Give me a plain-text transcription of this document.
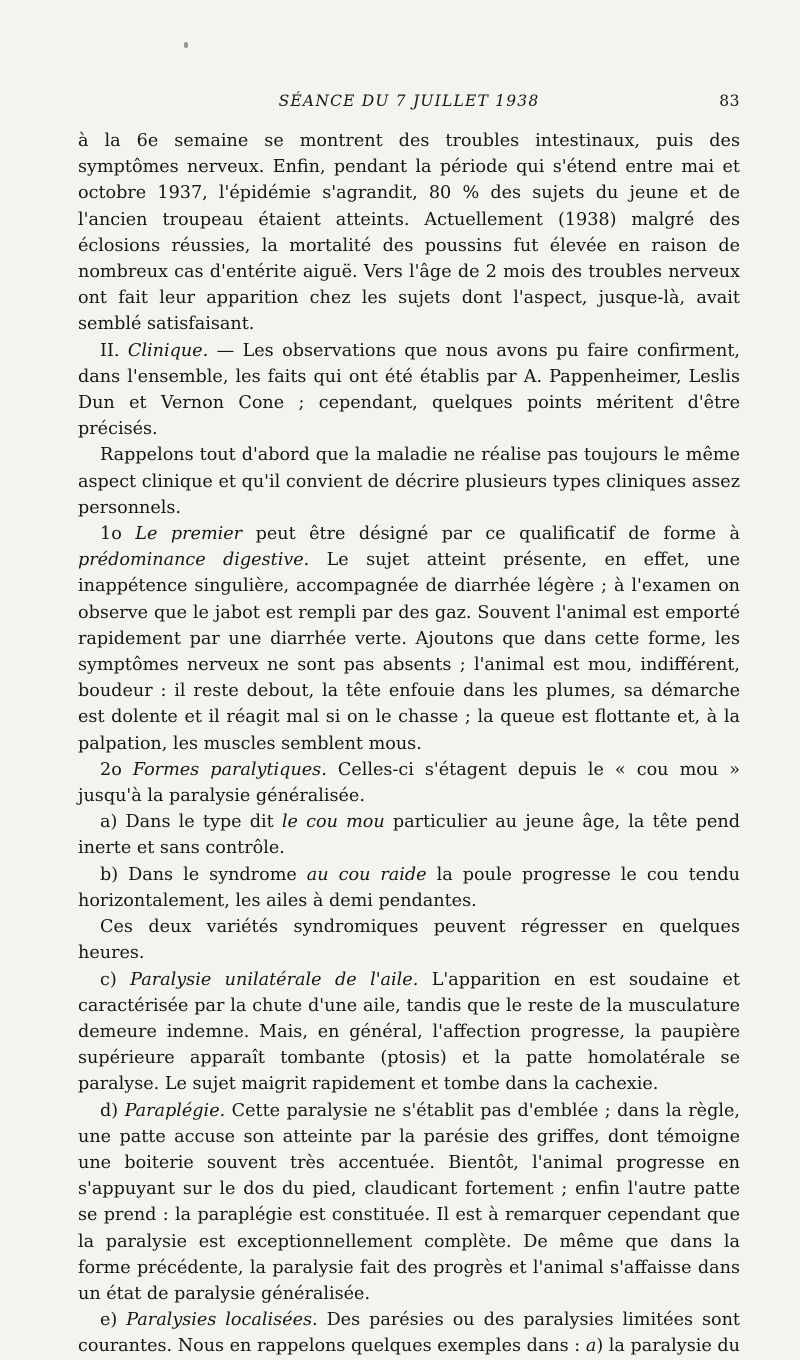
SÉANCE DU 7 JUILLET 1938	83

à la 6e semaine se montrent des troubles intestinaux, puis des symptômes nerveux. Enfin, pendant la période qui s'étend entre mai et octobre 1937, l'épidémie s'agrandit, 80 % des sujets du jeune et de l'ancien troupeau étaient atteints. Actuellement (1938) malgré des éclosions réussies, la mortalité des poussins fut élevée en raison de nombreux cas d'entérite aiguë. Vers l'âge de 2 mois des troubles nerveux ont fait leur apparition chez les sujets dont l'aspect, jusque-là, avait semblé satisfaisant.

II. Clinique. — Les observations que nous avons pu faire confirment, dans l'ensemble, les faits qui ont été établis par A. Pappenheimer, Leslis Dun et Vernon Cone ; cependant, quelques points méritent d'être précisés.

Rappelons tout d'abord que la maladie ne réalise pas toujours le même aspect clinique et qu'il convient de décrire plusieurs types cliniques assez personnels.

1o Le premier peut être désigné par ce qualificatif de forme à prédominance digestive. Le sujet atteint présente, en effet, une inappétence singulière, accompagnée de diarrhée légère ; à l'examen on observe que le jabot est rempli par des gaz. Souvent l'animal est emporté rapidement par une diarrhée verte. Ajoutons que dans cette forme, les symptômes nerveux ne sont pas absents ; l'animal est mou, indifférent, boudeur : il reste debout, la tête enfouie dans les plumes, sa démarche est dolente et il réagit mal si on le chasse ; la queue est flottante et, à la palpation, les muscles semblent mous.

2o Formes paralytiques. Celles-ci s'étagent depuis le « cou mou » jusqu'à la paralysie généralisée.

a) Dans le type dit le cou mou particulier au jeune âge, la tête pend inerte et sans contrôle.

b) Dans le syndrome au cou raide la poule progresse le cou tendu horizontalement, les ailes à demi pendantes.

Ces deux variétés syndromiques peuvent régresser en quelques heures.

c) Paralysie unilatérale de l'aile. L'apparition en est soudaine et caractérisée par la chute d'une aile, tandis que le reste de la musculature demeure indemne. Mais, en général, l'affection progresse, la paupière supérieure apparaît tombante (ptosis) et la patte homolatérale se paralyse. Le sujet maigrit rapidement et tombe dans la cachexie.

d) Paraplégie. Cette paralysie ne s'établit pas d'emblée ; dans la règle, une patte accuse son atteinte par la parésie des griffes, dont témoigne une boiterie souvent très accentuée. Bientôt, l'animal progresse en s'appuyant sur le dos du pied, claudicant fortement ; enfin l'autre patte se prend : la paraplégie est constituée. Il est à remarquer cependant que la paralysie est exceptionnellement complète. De même que dans la forme précédente, la paralysie fait des progrès et l'animal s'affaisse dans un état de paralysie généralisée.

e) Paralysies localisées. Des parésies ou des paralysies limitées sont courantes. Nous en rappelons quelques exemples dans : a) la paralysie du
